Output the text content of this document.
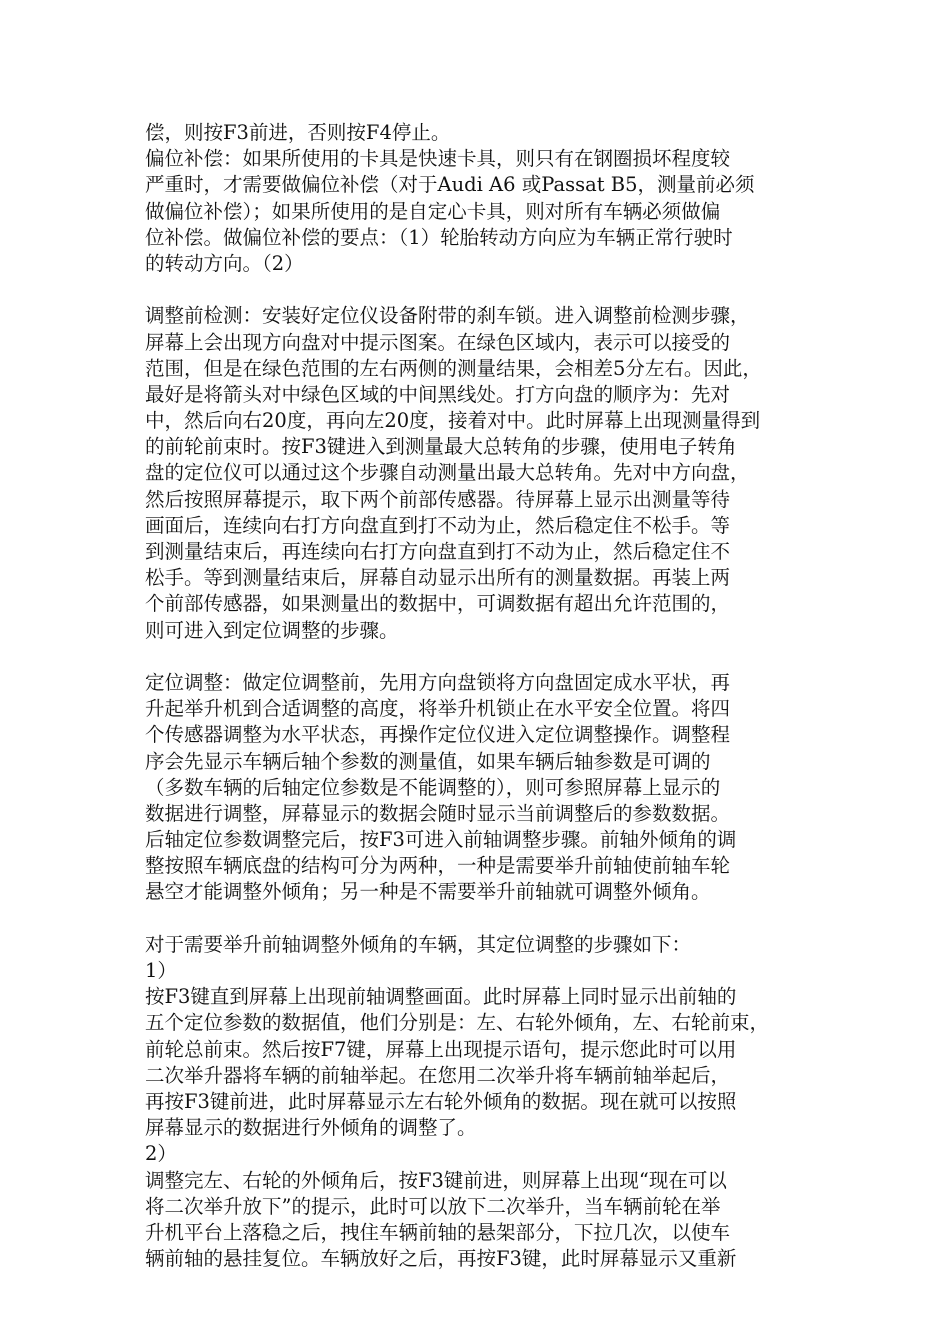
偿，则按F3前进，否则按F4停止。
偏位补偿：如果所使用的卡具是快速卡具，则只有在钢圈损坏程度较
严重时，才需要做偏位补偿（对于Audi A6 或Passat B5，测量前必须
做偏位补偿）；如果所使用的是自定心卡具，则对所有车辆必须做偏
位补偿。做偏位补偿的要点：（1）轮胎转动方向应为车辆正常行驶时
的转动方向。（2）
调整前检测：安装好定位仪设备附带的刹车锁。进入调整前检测步骤，
屏幕上会出现方向盘对中提示图案。在绿色区域内，表示可以接受的
范围，但是在绿色范围的左右两侧的测量结果，会相差5分左右。因此，
最好是将箭头对中绿色区域的中间黑线处。打方向盘的顺序为：先对
中，然后向右20度，再向左20度，接着对中。此时屏幕上出现测量得到
的前轮前束时。按F3键进入到测量最大总转角的步骤，使用电子转角
盘的定位仪可以通过这个步骤自动测量出最大总转角。先对中方向盘，
然后按照屏幕提示，取下两个前部传感器。待屏幕上显示出测量等待
画面后，连续向右打方向盘直到打不动为止，然后稳定住不松手。等
到测量结束后，再连续向右打方向盘直到打不动为止，然后稳定住不
松手。等到测量结束后，屏幕自动显示出所有的测量数据。再装上两
个前部传感器，如果测量出的数据中，可调数据有超出允许范围的，
则可进入到定位调整的步骤。
定位调整：做定位调整前，先用方向盘锁将方向盘固定成水平状，再
升起举升机到合适调整的高度，将举升机锁止在水平安全位置。将四
个传感器调整为水平状态，再操作定位仪进入定位调整操作。调整程
序会先显示车辆后轴个参数的测量值，如果车辆后轴参数是可调的
（多数车辆的后轴定位参数是不能调整的），则可参照屏幕上显示的
数据进行调整，屏幕显示的数据会随时显示当前调整后的参数数据。
后轴定位参数调整完后，按F3可进入前轴调整步骤。前轴外倾角的调
整按照车辆底盘的结构可分为两种，一种是需要举升前轴使前轴车轮
悬空才能调整外倾角；另一种是不需要举升前轴就可调整外倾角。
对于需要举升前轴调整外倾角的车辆，其定位调整的步骤如下：
1）
按F3键直到屏幕上出现前轴调整画面。此时屏幕上同时显示出前轴的
五个定位参数的数据值，他们分别是：左、右轮外倾角，左、右轮前束，
前轮总前束。然后按F7键，屏幕上出现提示语句，提示您此时可以用
二次举升器将车辆的前轴举起。在您用二次举升将车辆前轴举起后，
再按F3键前进，此时屏幕显示左右轮外倾角的数据。现在就可以按照
屏幕显示的数据进行外倾角的调整了。
2）
调整完左、右轮的外倾角后，按F3键前进，则屏幕上出现“现在可以
将二次举升放下”的提示，此时可以放下二次举升，当车辆前轮在举
升机平台上落稳之后，拽住车辆前轴的悬架部分，下拉几次，以使车
辆前轴的悬挂复位。车辆放好之后，再按F3键，此时屏幕显示又重新
